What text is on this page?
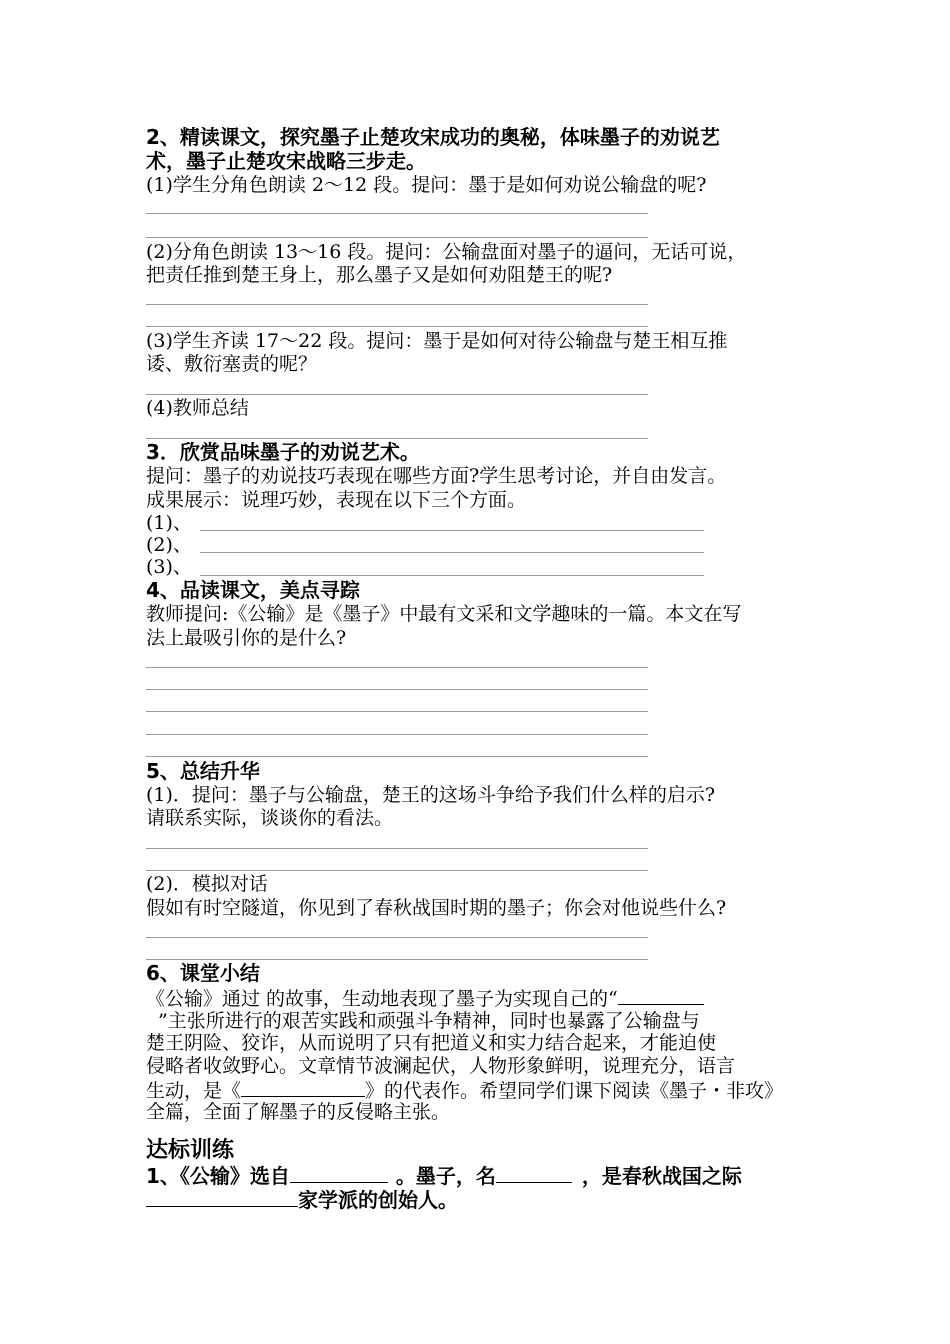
2、精读课文，探究墨子止楚攻宋成功的奥秘，体味墨子的劝说艺
术，墨子止楚攻宋战略三步走。
(1)学生分角色朗读 2～12 段。提问：墨于是如何劝说公输盘的呢?
(2)分角色朗读 13～16 段。提问：公输盘面对墨子的逼问，无话可说，
把责任推到楚王身上，那么墨子又是如何劝阻楚王的呢?
(3)学生齐读 17～22 段。提问：墨于是如何对待公输盘与楚王相互推
诿、敷衍塞责的呢？
(4)教师总结
3．欣赏品味墨子的劝说艺术。
提问：墨子的劝说技巧表现在哪些方面?学生思考讨论，并自由发言。
成果展示：说理巧妙，表现在以下三个方面。
(1)、
(2)、
(3)、
4、品读课文，美点寻踪
教师提问:《公输》是《墨子》中最有文采和文学趣味的一篇。本文在写
法上最吸引你的是什么?
5、总结升华
(1)．提问：墨子与公输盘，楚王的这场斗争给予我们什么样的启示?
请联系实际，谈谈你的看法。
(2)．模拟对话
假如有时空隧道，你见到了春秋战国时期的墨子；你会对他说些什么?
6、课堂小结
《公输》通过 的故事，生动地表现了墨子为实现自己的“
”主张所进行的艰苦实践和顽强斗争精神，同时也暴露了公输盘与
楚王阴险、狡诈，从而说明了只有把道义和实力结合起来，才能迫使
侵略者收敛野心。文章情节波澜起伏，人物形象鲜明，说理充分，语言
生动，是《	》的代表作。希望同学们课下阅读《墨子・非攻》
全篇，全面了解墨子的反侵略主张。
达标训练
1、《公输》选自	。墨子，名	，是春秋战国之际
家学派的创始人。
